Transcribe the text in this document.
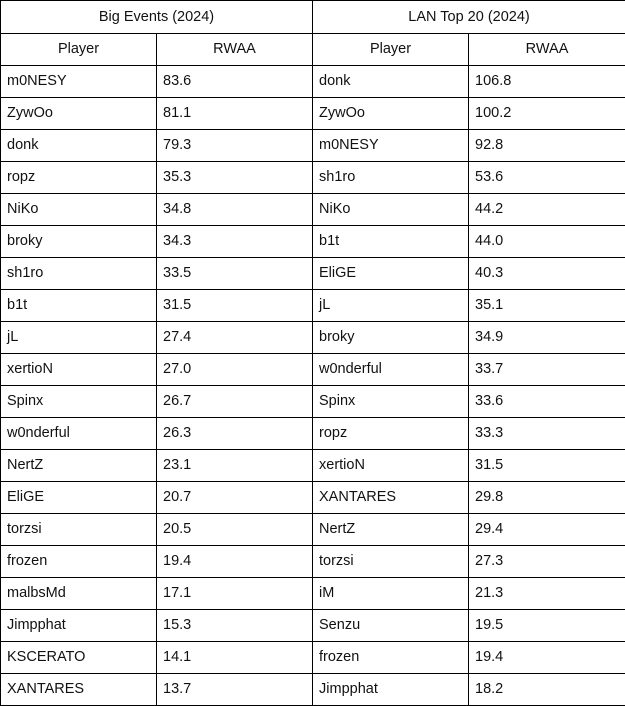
Big Events (2024)		LAN Top 20 (2024)	
Player	RWAA	Player	RWAA
m0NESY	83.6	donk	106.8
ZywOo	81.1	ZywOo	100.2
donk	79.3	m0NESY	92.8
ropz	35.3	sh1ro	53.6
NiKo	34.8	NiKo	44.2
broky	34.3	b1t	44.0
sh1ro	33.5	EliGE	40.3
b1t	31.5	jL	35.1
jL	27.4	broky	34.9
xertioN	27.0	w0nderful	33.7
Spinx	26.7	Spinx	33.6
w0nderful	26.3	ropz	33.3
NertZ	23.1	xertioN	31.5
EliGE	20.7	XANTARES	29.8
torzsi	20.5	NertZ	29.4
frozen	19.4	torzsi	27.3
malbsMd	17.1	iM	21.3
Jimpphat	15.3	Senzu	19.5
KSCERATO	14.1	frozen	19.4
XANTARES	13.7	Jimpphat	18.2
